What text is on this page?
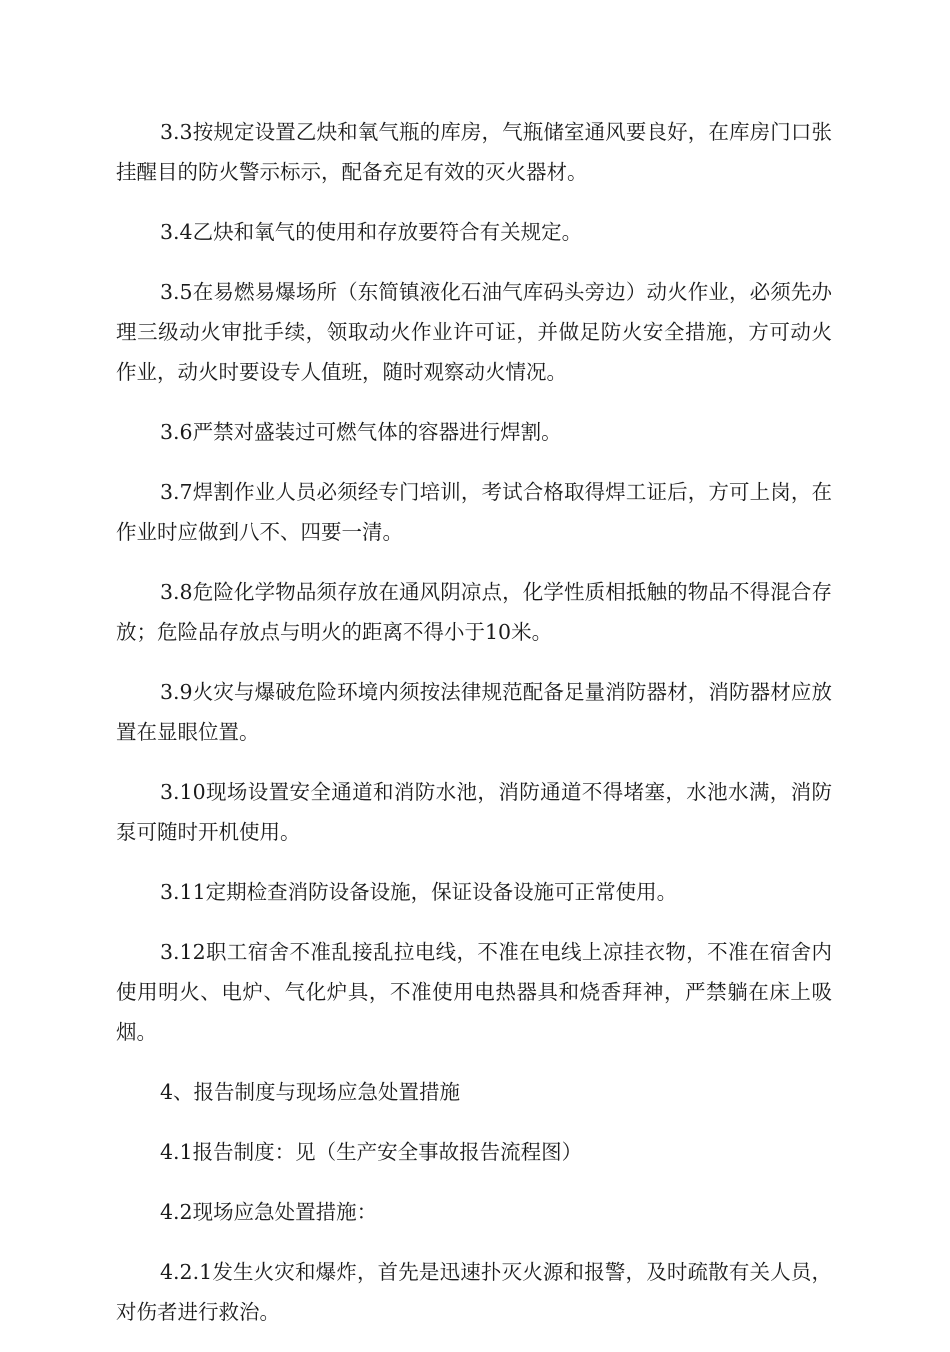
3.3按规定设置乙炔和氧气瓶的库房，气瓶储室通风要良好，在库房门口张挂醒目的防火警示标示，配备充足有效的灭火器材。

3.4乙炔和氧气的使用和存放要符合有关规定。

3.5在易燃易爆场所（东简镇液化石油气库码头旁边）动火作业，必须先办理三级动火审批手续，领取动火作业许可证，并做足防火安全措施，方可动火作业，动火时要设专人值班，随时观察动火情况。

3.6严禁对盛装过可燃气体的容器进行焊割。

3.7焊割作业人员必须经专门培训，考试合格取得焊工证后，方可上岗，在作业时应做到八不、四要一清。

3.8危险化学物品须存放在通风阴凉点，化学性质相抵触的物品不得混合存放；危险品存放点与明火的距离不得小于10米。

3.9火灾与爆破危险环境内须按法律规范配备足量消防器材，消防器材应放置在显眼位置。

3.10现场设置安全通道和消防水池，消防通道不得堵塞，水池水满，消防泵可随时开机使用。

3.11定期检查消防设备设施，保证设备设施可正常使用。

3.12职工宿舍不准乱接乱拉电线，不准在电线上凉挂衣物，不准在宿舍内使用明火、电炉、气化炉具，不准使用电热器具和烧香拜神，严禁躺在床上吸烟。

4、报告制度与现场应急处置措施

4.1报告制度：见（生产安全事故报告流程图）

4.2现场应急处置措施：

4.2.1发生火灾和爆炸，首先是迅速扑灭火源和报警，及时疏散有关人员，对伤者进行救治。
